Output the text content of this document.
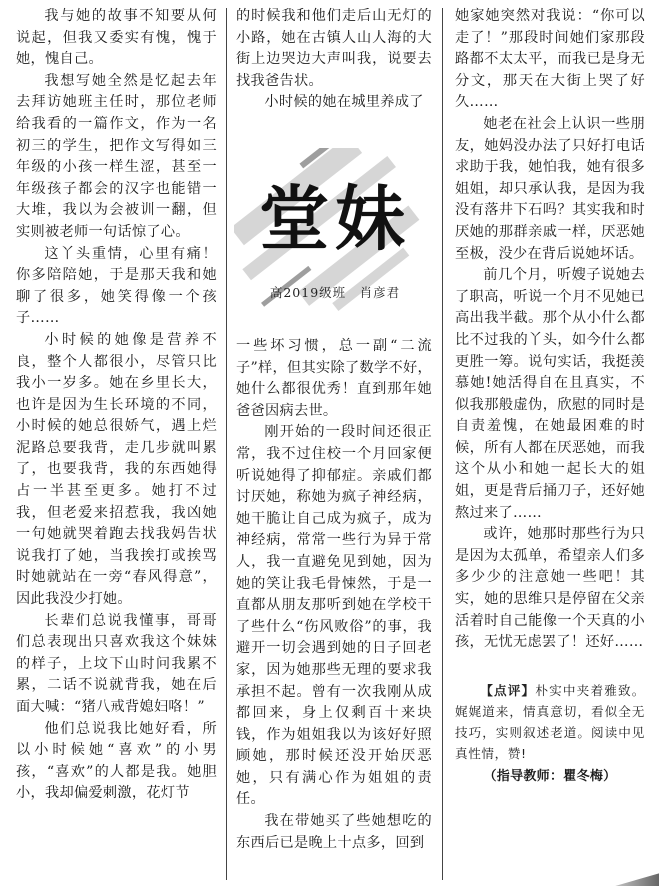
我与她的故事不知要从何说起，但我又委实有愧，愧于她，愧自己。

我想写她全然是忆起去年去拜访她班主任时，那位老师给我看的一篇作文，作为一名初三的学生，把作文写得如三年级的小孩一样生涩，甚至一年级孩子都会的汉字也能错一大堆，我以为会被训一翻，但实则被老师一句话惊了心。

这丫头重情，心里有痛！你多陪陪她，于是那天我和她聊了很多，她笑得像一个孩子……

小时候的她像是营养不良，整个人都很小，尽管只比我小一岁多。她在乡里长大，也许是因为生长环境的不同，小时候的她总很娇气，遇上烂泥路总要我背，走几步就叫累了，也要我背，我的东西她得占一半甚至更多。她打不过我，但老爱来招惹我，我凶她一句她就哭着跑去找我妈告状说我打了她，当我挨打或挨骂时她就站在一旁“春风得意”，因此我没少打她。

长辈们总说我懂事，哥哥们总表现出只喜欢我这个妹妹的样子，上坟下山时问我累不累，二话不说就背我，她在后面大喊：“猪八戒背媳妇咯！”

他们总说我比她好看，所以小时候她“喜欢”的小男孩，“喜欢”的人都是我。她胆小，我却偏爱刺激，花灯节

的时候我和他们走后山无灯的小路，她在古镇人山人海的大街上边哭边大声叫我，说要去找我爸告状。

小时候的她在城里养成了

堂妹
高2019级班　肖彦君

一些坏习惯，总一副“二流子”样，但其实除了数学不好，她什么都很优秀！直到那年她爸爸因病去世。

刚开始的一段时间还很正常，我不过住校一个月回家便听说她得了抑郁症。亲戚们都讨厌她，称她为疯子神经病，她干脆让自己成为疯子，成为神经病，常常一些行为异于常人，我一直避免见到她，因为她的笑让我毛骨悚然，于是一直都从朋友那听到她在学校干了些什么“伤风败俗”的事，我避开一切会遇到她的日子回老家，因为她那些无理的要求我承担不起。曾有一次我刚从成都回来，身上仅剩百十来块钱，作为姐姐我以为该好好照顾她，那时候还没开始厌恶她，只有满心作为姐姐的责任。

我在带她买了些她想吃的东西后已是晚上十点多，回到

她家她突然对我说：“你可以走了！”那段时间她们家那段路都不太太平，而我已是身无分文，那天在大街上哭了好久……

她老在社会上认识一些朋友，她妈没办法了只好打电话求助于我，她怕我，她有很多姐姐，却只承认我，是因为我没有落井下石吗？其实我和时厌她的那群亲戚一样，厌恶她至极，没少在背后说她坏话。

前几个月，听嫂子说她去了职高，听说一个月不见她已高出我半截。那个从小什么都比不过我的丫头，如今什么都更胜一筹。说句实话，我挺羡慕她!她活得自在且真实，不似我那般虚伪，欣慰的同时是自责羞愧，在她最困难的时候，所有人都在厌恶她，而我这个从小和她一起长大的姐姐，更是背后捅刀子，还好她熬过来了……

或许，她那时那些行为只是因为太孤单，希望亲人们多多少少的注意她一些吧！其实，她的思维只是停留在父亲活着时自己能像一个天真的小孩，无忧无虑罢了！还好……

【点评】朴实中夹着雅致。娓娓道来，情真意切，看似全无技巧，实则叙述老道。阅读中见真性情，赞!

（指导教师：瞿冬梅）
